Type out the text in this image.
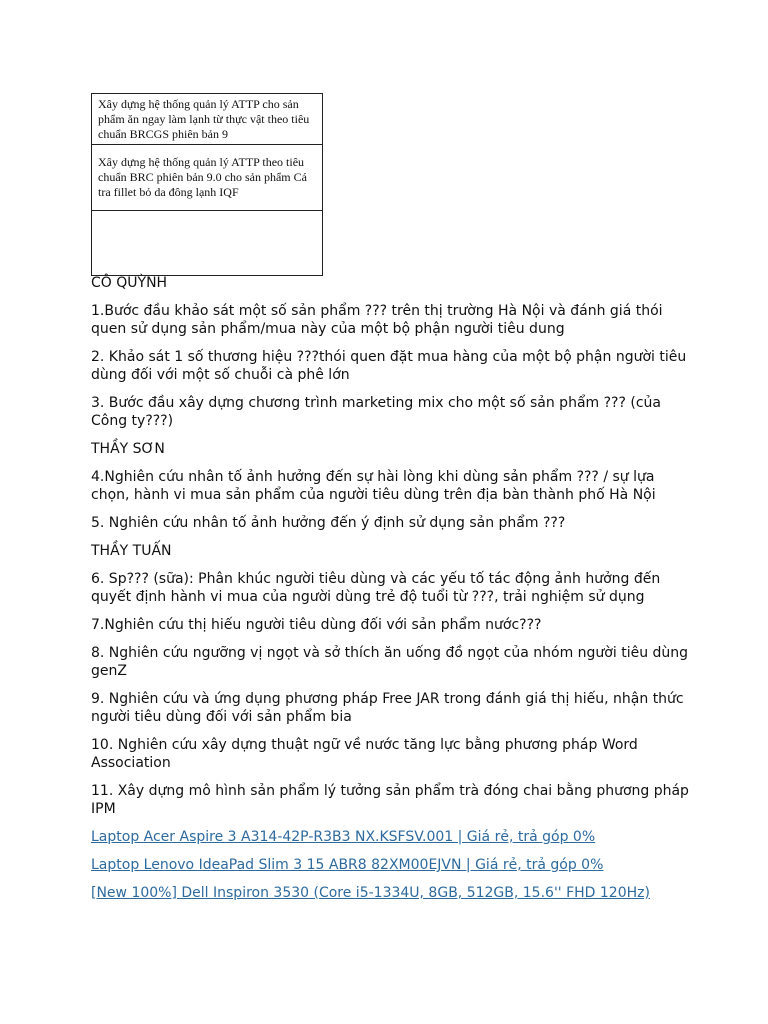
Xây dựng hệ thống quản lý ATTP cho sản phẩm ăn ngay làm lạnh từ thực vật theo tiêu chuẩn BRCGS phiên bản 9
Xây dựng hệ thống quản lý ATTP theo tiêu chuẩn BRC phiên bản 9.0 cho sản phẩm Cá tra fillet bỏ da đông lạnh IQF

CÔ QUỲNH

1.Bước đầu khảo sát một số sản phẩm ??? trên thị trường Hà Nội và đánh giá thói quen sử dụng sản phẩm/mua này của một bộ phận người tiêu dung

2. Khảo sát 1 số thương hiệu ???thói quen đặt mua hàng của một bộ phận người tiêu dùng đối với một số chuỗi cà phê lớn

3. Bước đầu xây dựng chương trình marketing mix cho một số sản phẩm ??? (của Công ty???)

THẦY SƠN

4.Nghiên cứu nhân tố ảnh hưởng đến sự hài lòng khi dùng sản phẩm ??? / sự lựa chọn, hành vi mua sản phẩm của người tiêu dùng trên địa bàn thành phố Hà Nội

5. Nghiên cứu nhân tố ảnh hưởng đến ý định sử dụng sản phẩm ???

THẦY TUẤN

6. Sp??? (sữa): Phân khúc người tiêu dùng và các yếu tố tác động ảnh hưởng đến quyết định hành vi mua của người dùng trẻ độ tuổi từ ???, trải nghiệm sử dụng

7.Nghiên cứu thị hiếu người tiêu dùng đối với sản phẩm nước???

8. Nghiên cứu ngưỡng vị ngọt và sở thích ăn uống đồ ngọt của nhóm người tiêu dùng genZ

9. Nghiên cứu và ứng dụng phương pháp Free JAR trong đánh giá thị hiếu, nhận thức người tiêu dùng đối với sản phẩm bia

10. Nghiên cứu xây dựng thuật ngữ về nước tăng lực bằng phương pháp Word Association

11. Xây dựng mô hình sản phẩm lý tưởng sản phẩm trà đóng chai bằng phương pháp IPM

Laptop Acer Aspire 3 A314-42P-R3B3 NX.KSFSV.001 | Giá rẻ, trả góp 0%

Laptop Lenovo IdeaPad Slim 3 15 ABR8 82XM00EJVN | Giá rẻ, trả góp 0%

[New 100%] Dell Inspiron 3530 (Core i5-1334U, 8GB, 512GB, 15.6'' FHD 120Hz)
